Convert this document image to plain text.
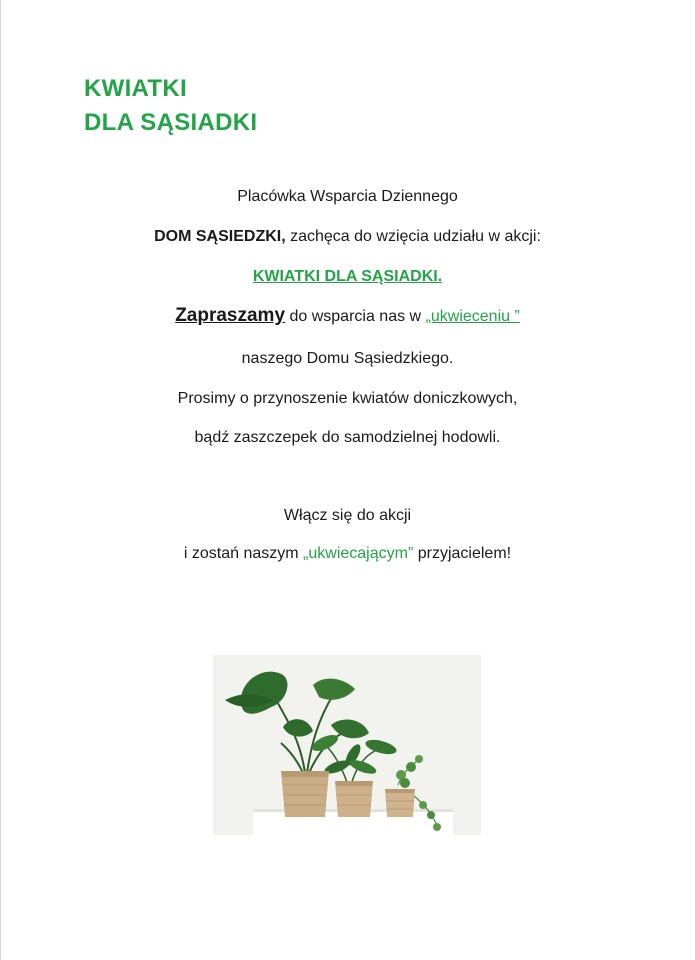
KWIATKI
DLA SĄSIADKI
Placówka Wsparcia Dziennego
DOM SĄSIEDZKI, zachęca do wzięcia udziału w akcji:
KWIATKI DLA SĄSIADKI.
Zapraszamy do wsparcia nas w „ukwieceniu ”
naszego Domu Sąsiedzkiego.
Prosimy o przynoszenie kwiatów doniczkowych,
bądź zaszczepek do samodzielnej hodowli.
Włącz się do akcji
i zostań naszym „ukwiecającym” przyjacielem!
